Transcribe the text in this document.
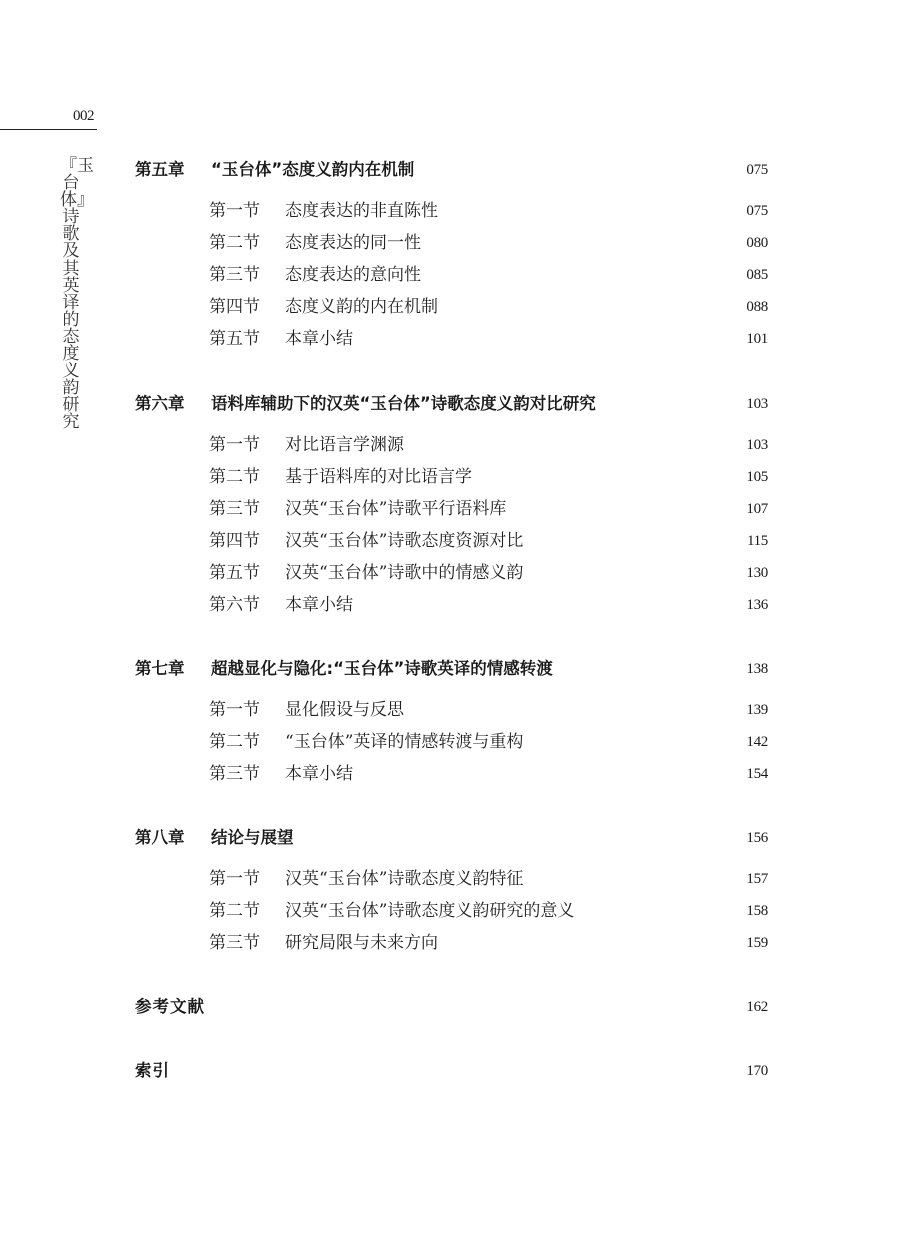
002
『玉台体』诗歌及其英译的态度义韵研究
第五章 “玉台体”态度义韵内在机制	075
第一节 态度表达的非直陈性	075
第二节 态度表达的同一性	080
第三节 态度表达的意向性	085
第四节 态度义韵的内在机制	088
第五节 本章小结	101
第六章 语料库辅助下的汉英“玉台体”诗歌态度义韵对比研究	103
第一节 对比语言学渊源	103
第二节 基于语料库的对比语言学	105
第三节 汉英“玉台体”诗歌平行语料库	107
第四节 汉英“玉台体”诗歌态度资源对比	115
第五节 汉英“玉台体”诗歌中的情感义韵	130
第六节 本章小结	136
第七章 超越显化与隐化:“玉台体”诗歌英译的情感转渡	138
第一节 显化假设与反思	139
第二节 “玉台体”英译的情感转渡与重构	142
第三节 本章小结	154
第八章 结论与展望	156
第一节 汉英“玉台体”诗歌态度义韵特征	157
第二节 汉英“玉台体”诗歌态度义韵研究的意义	158
第三节 研究局限与未来方向	159
参考文献	162
索引	170
